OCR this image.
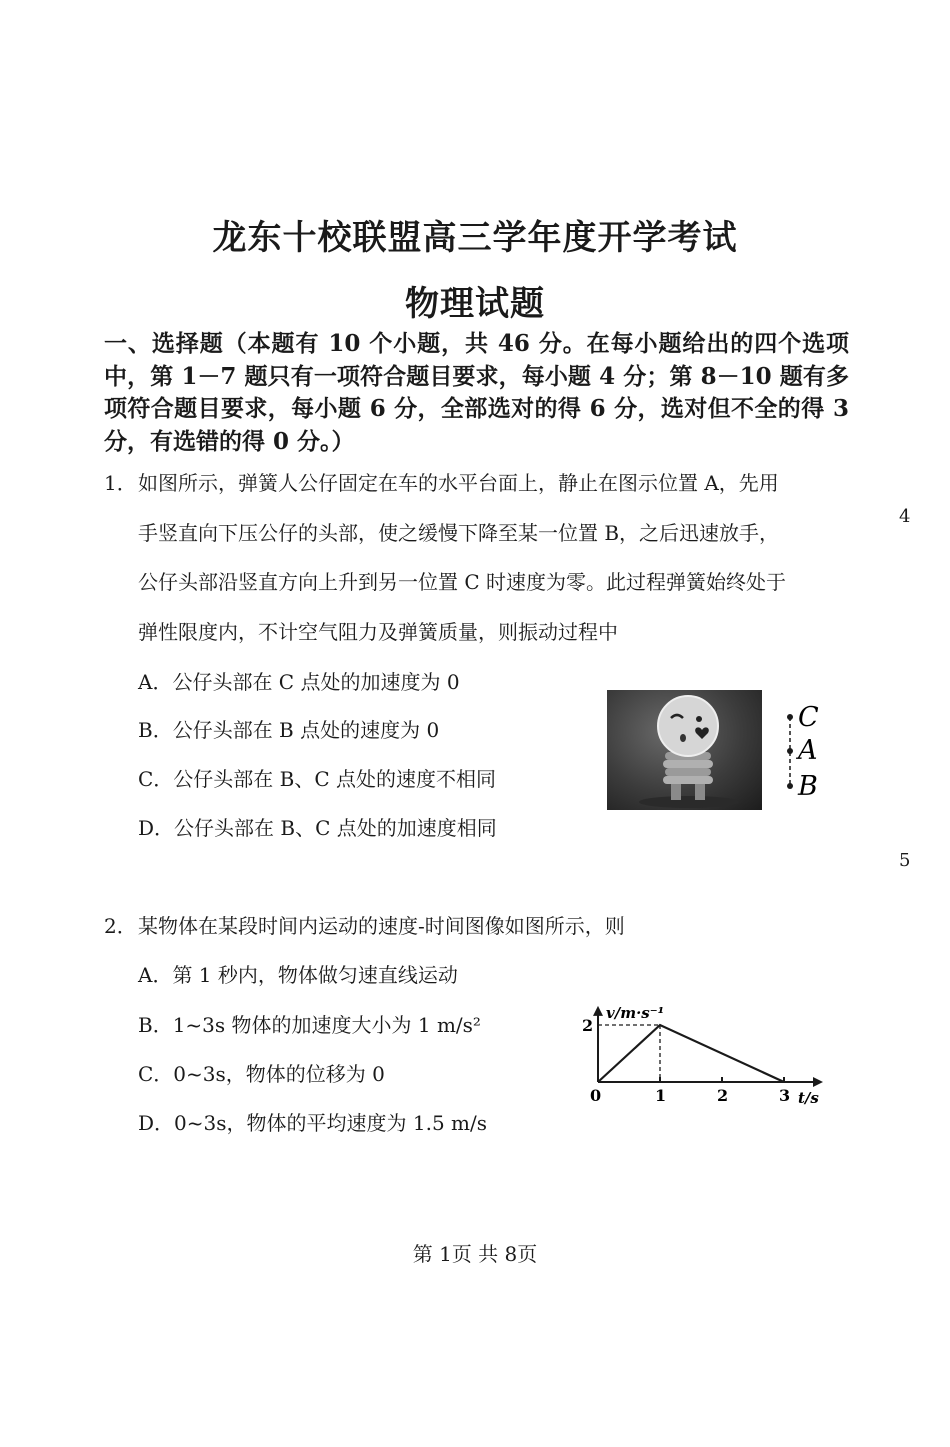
龙东十校联盟高三学年度开学考试
物理试题
一、选择题（本题有 10 个小题，共 46 分。在每小题给出的四个选项中，第 1－7 题只有一项符合题目要求，每小题 4 分；第 8－10 题有多项符合题目要求，每小题 6 分，全部选对的得 6 分，选对但不全的得 3 分，有选错的得 0 分。）
4
5
1． 如图所示，弹簧人公仔固定在车的水平台面上，静止在图示位置 A，先用
手竖直向下压公仔的头部，使之缓慢下降至某一位置 B，之后迅速放手，
公仔头部沿竖直方向上升到另一位置 C 时速度为零。此过程弹簧始终处于
弹性限度内，不计空气阻力及弹簧质量，则振动过程中
A．公仔头部在 C 点处的加速度为 0
B．公仔头部在 B 点处的速度为 0
C．公仔头部在 B、C 点处的速度不相同
D．公仔头部在 B、C 点处的加速度相同
C
A
B
2． 某物体在某段时间内运动的速度-时间图像如图所示，则
A．第 1 秒内，物体做匀速直线运动
B．1~3s 物体的加速度大小为 1 m/s²
C．0~3s，物体的位移为 0
D．0~3s，物体的平均速度为 1.5 m/s
0	1	2	3
2
v/m·s⁻¹
t/s
第 1页 共 8页
